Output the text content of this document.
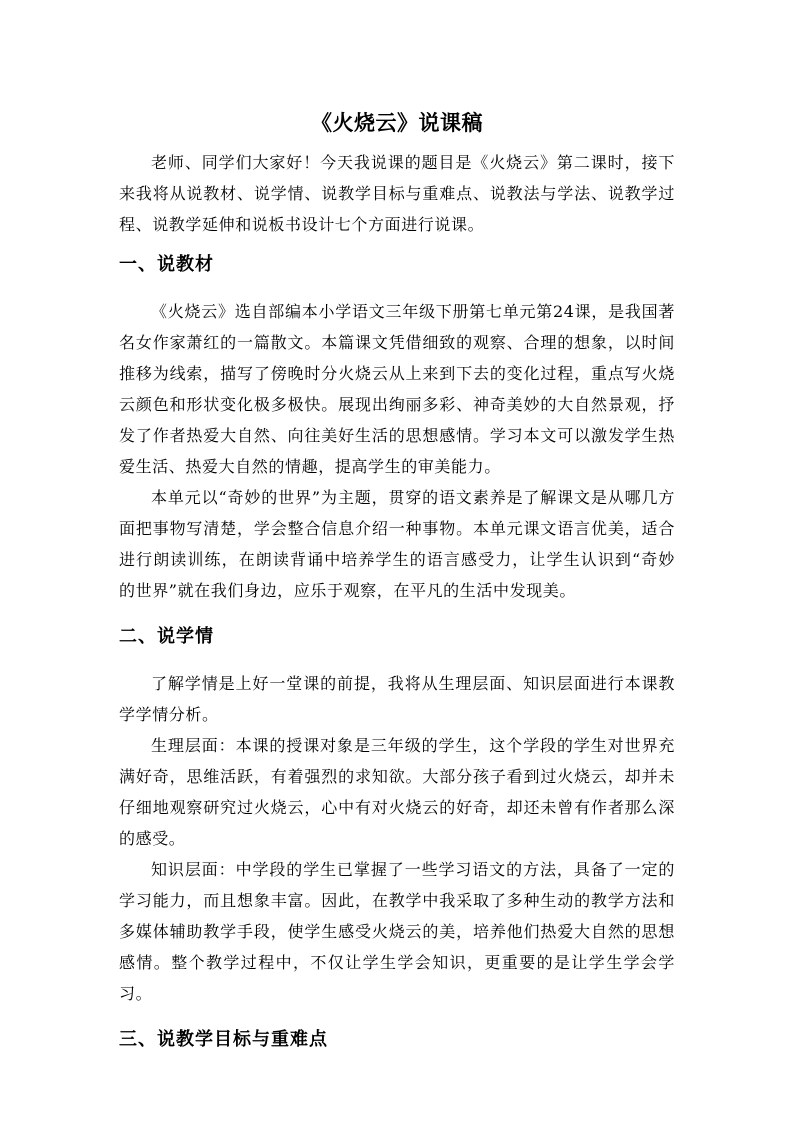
《火烧云》说课稿

老师、同学们大家好！今天我说课的题目是《火烧云》第二课时，接下来我将从说教材、说学情、说教学目标与重难点、说教法与学法、说教学过程、说教学延伸和说板书设计七个方面进行说课。

一、说教材

《火烧云》选自部编本小学语文三年级下册第七单元第24课，是我国著名女作家萧红的一篇散文。本篇课文凭借细致的观察、合理的想象，以时间推移为线索，描写了傍晚时分火烧云从上来到下去的变化过程，重点写火烧云颜色和形状变化极多极快。展现出绚丽多彩、神奇美妙的大自然景观，抒发了作者热爱大自然、向往美好生活的思想感情。学习本文可以激发学生热爱生活、热爱大自然的情趣，提高学生的审美能力。

本单元以“奇妙的世界”为主题，贯穿的语文素养是了解课文是从哪几方面把事物写清楚，学会整合信息介绍一种事物。本单元课文语言优美，适合进行朗读训练，在朗读背诵中培养学生的语言感受力，让学生认识到“奇妙的世界”就在我们身边，应乐于观察，在平凡的生活中发现美。

二、说学情

了解学情是上好一堂课的前提，我将从生理层面、知识层面进行本课教学学情分析。

生理层面：本课的授课对象是三年级的学生，这个学段的学生对世界充满好奇，思维活跃，有着强烈的求知欲。大部分孩子看到过火烧云，却并未仔细地观察研究过火烧云，心中有对火烧云的好奇，却还未曾有作者那么深的感受。

知识层面：中学段的学生已掌握了一些学习语文的方法，具备了一定的学习能力，而且想象丰富。因此，在教学中我采取了多种生动的教学方法和多媒体辅助教学手段，使学生感受火烧云的美，培养他们热爱大自然的思想感情。整个教学过程中，不仅让学生学会知识，更重要的是让学生学会学习。

三、说教学目标与重难点
